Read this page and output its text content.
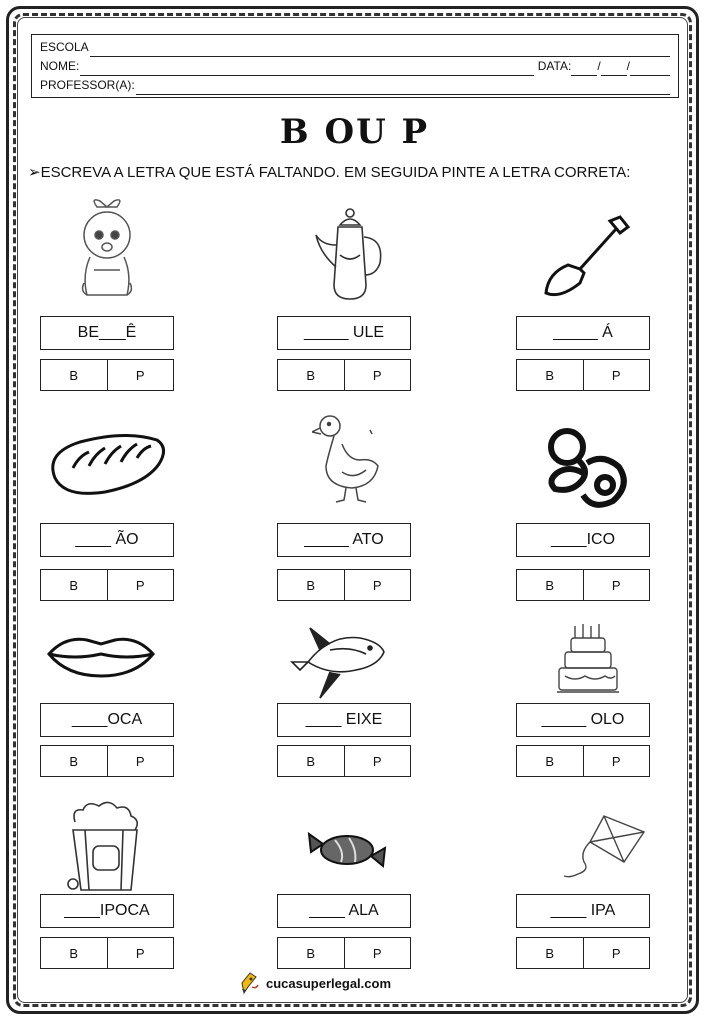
ESCOLA
NOME:	DATA: / /
PROFESSOR(A):
B OU P
➢ESCREVA A LETRA QUE ESTÁ FALTANDO. EM SEGUIDA PINTE A LETRA CORRETA:
BE___Ê
B	P
_____ ULE
B	P
_____ Á
B	P
____ ÃO
B	P
_____ ATO
B	P
____ICO
B	P
____OCA
B	P
____ EIXE
B	P
_____ OLO
B	P
____IPOCA
B	P
____ ALA
B	P
____ IPA
B	P
cucasuperlegal.com
